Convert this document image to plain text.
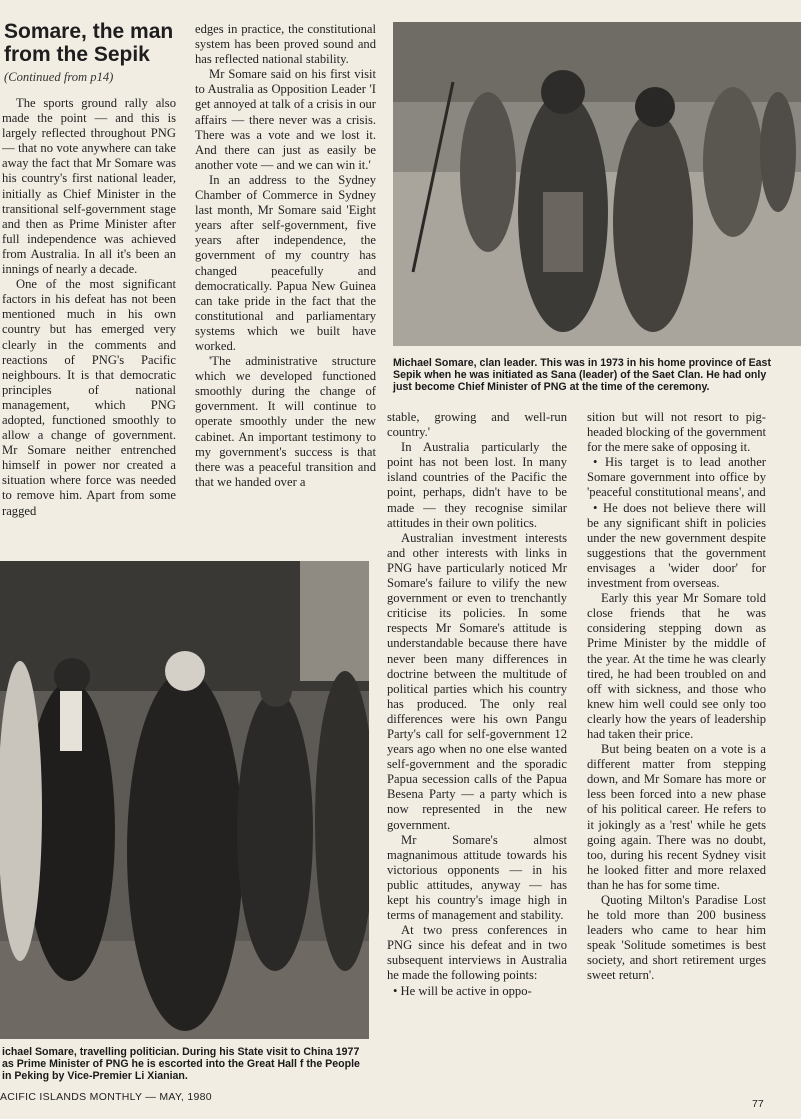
Somare, the man from the Sepik
(Continued from p14)

The sports ground rally also made the point — and this is largely reflected throughout PNG — that no vote anywhere can take away the fact that Mr Somare was his country's first national leader, initially as Chief Minister in the transitional self-government stage and then as Prime Minister after full independence was achieved from Australia. In all it's been an innings of nearly a decade.

One of the most significant factors in his defeat has not been mentioned much in his own country but has emerged very clearly in the comments and reactions of PNG's Pacific neighbours. It is that democratic principles of national management, which PNG adopted, functioned smoothly to allow a change of government. Mr Somare neither entrenched himself in power nor created a situation where force was needed to remove him. Apart from some ragged

edges in practice, the constitutional system has been proved sound and has reflected national stability.

Mr Somare said on his first visit to Australia as Opposition Leader 'I get annoyed at talk of a crisis in our affairs — there never was a crisis. There was a vote and we lost it. And there can just as easily be another vote — and we can win it.'

In an address to the Sydney Chamber of Commerce in Sydney last month, Mr Somare said 'Eight years after self-government, five years after independence, the government of my country has changed peacefully and democratically. Papua New Guinea can take pride in the fact that the constitutional and parliamentary systems which we built have worked.

'The administrative structure which we developed functioned smoothly during the change of government. It will continue to operate smoothly under the new cabinet. An important testimony to my government's success is that there was a peaceful transition and that we handed over a

Michael Somare, clan leader. This was in 1973 in his home province of East Sepik when he was initiated as Sana (leader) of the Saet Clan. He had only just become Chief Minister of PNG at the time of the ceremony.
ichael Somare, travelling politician. During his State visit to China 1977 as Prime Minister of PNG he is escorted into the Great Hall f the People in Peking by Vice-Premier Li Xianian.

stable, growing and well-run country.'

In Australia particularly the point has not been lost. In many island countries of the Pacific the point, perhaps, didn't have to be made — they recognise similar attitudes in their own politics.

Australian investment interests and other interests with links in PNG have particularly noticed Mr Somare's failure to vilify the new government or even to trenchantly criticise its policies. In some respects Mr Somare's attitude is understandable because there have never been many differences in doctrine between the multitude of political parties which his country has produced. The only real differences were his own Pangu Party's call for self-government 12 years ago when no one else wanted self-government and the sporadic Papua secession calls of the Papua Besena Party — a party which is now represented in the new government.

Mr Somare's almost magnanimous attitude towards his victorious opponents — in his public attitudes, anyway — has kept his country's image high in terms of management and stability.

At two press conferences in PNG since his defeat and in two subsequent interviews in Australia he made the following points:

• He will be active in oppo-

sition but will not resort to pig-headed blocking of the government for the mere sake of opposing it.

• His target is to lead another Somare government into office by 'peaceful constitutional means', and

• He does not believe there will be any significant shift in policies under the new government despite suggestions that the government envisages a 'wider door' for investment from overseas.

Early this year Mr Somare told close friends that he was considering stepping down as Prime Minister by the middle of the year. At the time he was clearly tired, he had been troubled on and off with sickness, and those who knew him well could see only too clearly how the years of leadership had taken their price.

But being beaten on a vote is a different matter from stepping down, and Mr Somare has more or less been forced into a new phase of his political career. He refers to it jokingly as a 'rest' while he gets going again. There was no doubt, too, during his recent Sydney visit he looked fitter and more relaxed than he has for some time.

Quoting Milton's Paradise Lost he told more than 200 business leaders who came to hear him speak 'Solitude sometimes is best society, and short retirement urges sweet return'.

ACIFIC ISLANDS MONTHLY — MAY, 1980
77
